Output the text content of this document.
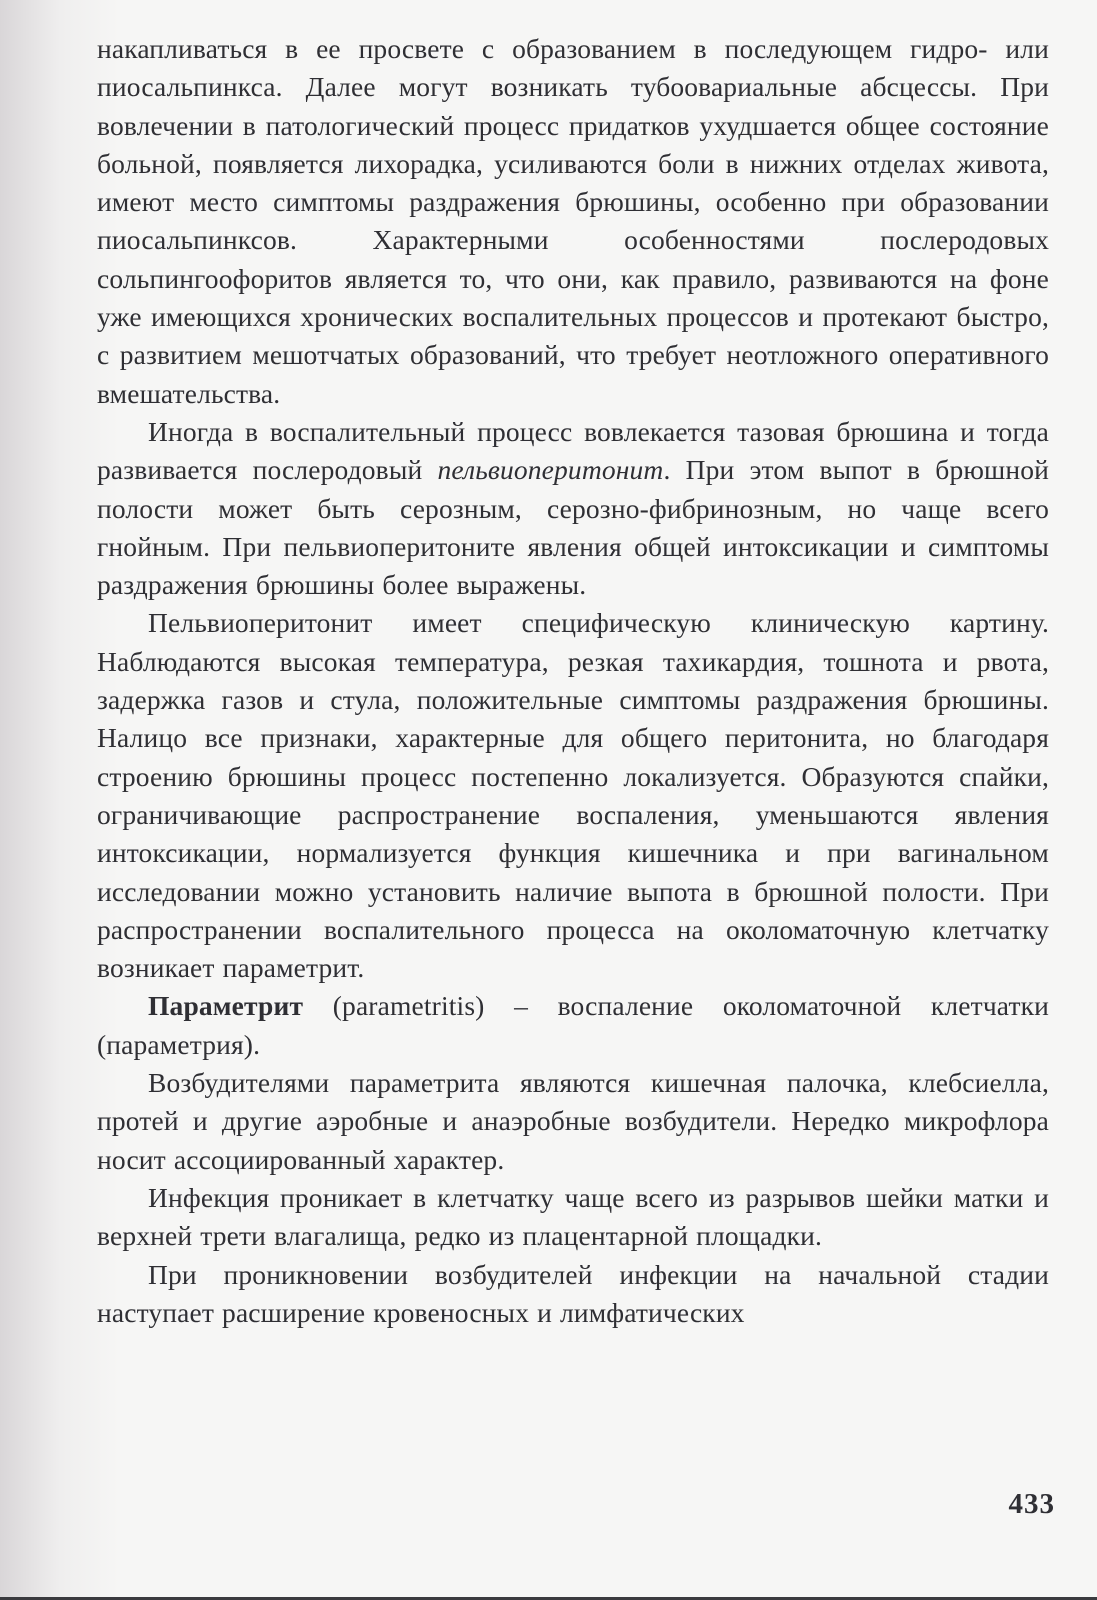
накапливаться в ее просвете с образованием в последующем гидро- или пиосальпинкса. Далее могут возникать тубоовариальные абсцессы. При вовлечении в патологический процесс придатков ухудшается общее состояние больной, появляется лихорадка, усиливаются боли в нижних отделах живота, имеют место симптомы раздражения брюшины, особенно при образовании пиосальпинксов. Характерными особенностями послеродовых сольпингоофоритов является то, что они, как правило, развиваются на фоне уже имеющихся хронических воспалительных процессов и протекают быстро, с развитием мешотчатых образований, что требует неотложного оперативного вмешательства.

Иногда в воспалительный процесс вовлекается тазовая брюшина и тогда развивается послеродовый пельвиоперитонит. При этом выпот в брюшной полости может быть серозным, серозно-фибринозным, но чаще всего гнойным. При пельвиоперитоните явления общей интоксикации и симптомы раздражения брюшины более выражены.

Пельвиоперитонит имеет специфическую клиническую картину. Наблюдаются высокая температура, резкая тахикардия, тошнота и рвота, задержка газов и стула, положительные симптомы раздражения брюшины. Налицо все признаки, характерные для общего перитонита, но благодаря строению брюшины процесс постепенно локализуется. Образуются спайки, ограничивающие распространение воспаления, уменьшаются явления интоксикации, нормализуется функция кишечника и при вагинальном исследовании можно установить наличие выпота в брюшной полости. При распространении воспалительного процесса на околоматочную клетчатку возникает параметрит.

Параметрит (parametritis) – воспаление околоматочной клетчатки (параметрия).

Возбудителями параметрита являются кишечная палочка, клебсиелла, протей и другие аэробные и анаэробные возбудители. Нередко микрофлора носит ассоциированный характер.

Инфекция проникает в клетчатку чаще всего из разрывов шейки матки и верхней трети влагалища, редко из плацентарной площадки.

При проникновении возбудителей инфекции на начальной стадии наступает расширение кровеносных и лимфатических

433
